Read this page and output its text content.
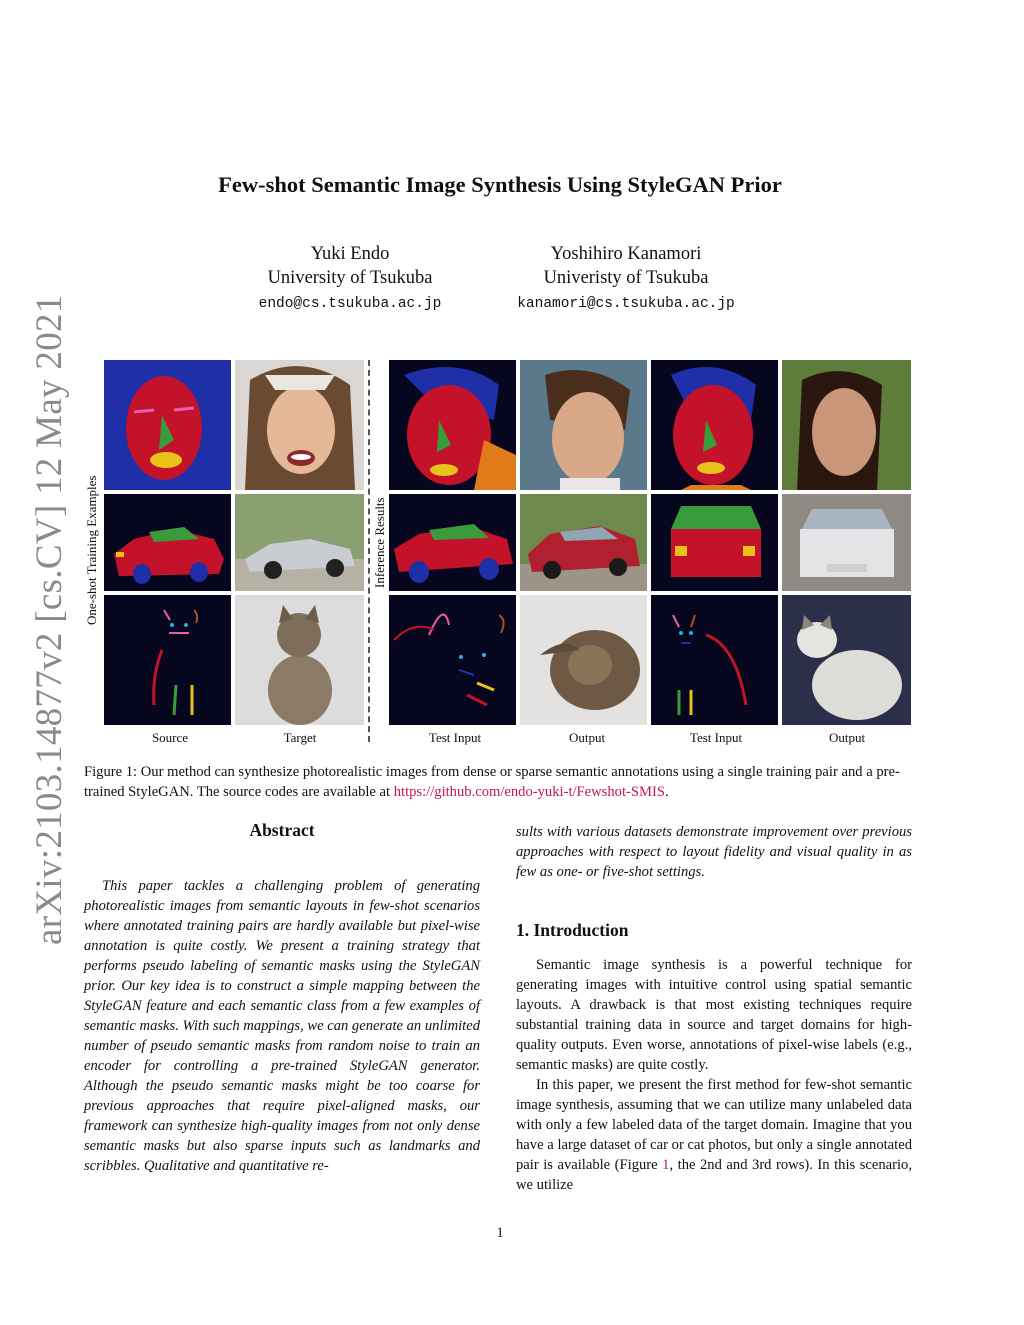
arXiv:2103.14877v2 [cs.CV] 12 May 2021
Few-shot Semantic Image Synthesis Using StyleGAN Prior
Yuki Endo
University of Tsukuba
endo@cs.tsukuba.ac.jp
Yoshihiro Kanamori
Univeristy of Tsukuba
kanamori@cs.tsukuba.ac.jp
One-shot Training Examples	Inference Results
Source	Target	Test Input	Output	Test Input	Output
Figure 1: Our method can synthesize photorealistic images from dense or sparse semantic annotations using a single training pair and a pre-trained StyleGAN. The source codes are available at https://github.com/endo-yuki-t/Fewshot-SMIS.
Abstract
This paper tackles a challenging problem of generating photorealistic images from semantic layouts in few-shot scenarios where annotated training pairs are hardly available but pixel-wise annotation is quite costly. We present a training strategy that performs pseudo labeling of semantic masks using the StyleGAN prior. Our key idea is to construct a simple mapping between the StyleGAN feature and each semantic class from a few examples of semantic masks. With such mappings, we can generate an unlimited number of pseudo semantic masks from random noise to train an encoder for controlling a pre-trained StyleGAN generator. Although the pseudo semantic masks might be too coarse for previous approaches that require pixel-aligned masks, our framework can synthesize high-quality images from not only dense semantic masks but also sparse inputs such as landmarks and scribbles. Qualitative and quantitative re-
sults with various datasets demonstrate improvement over previous approaches with respect to layout fidelity and visual quality in as few as one- or five-shot settings.
1. Introduction
Semantic image synthesis is a powerful technique for generating images with intuitive control using spatial semantic layouts. A drawback is that most existing techniques require substantial training data in source and target domains for high-quality outputs. Even worse, annotations of pixel-wise labels (e.g., semantic masks) are quite costly.
In this paper, we present the first method for few-shot semantic image synthesis, assuming that we can utilize many unlabeled data with only a few labeled data of the target domain. Imagine that you have a large dataset of car or cat photos, but only a single annotated pair is available (Figure 1, the 2nd and 3rd rows). In this scenario, we utilize
1
